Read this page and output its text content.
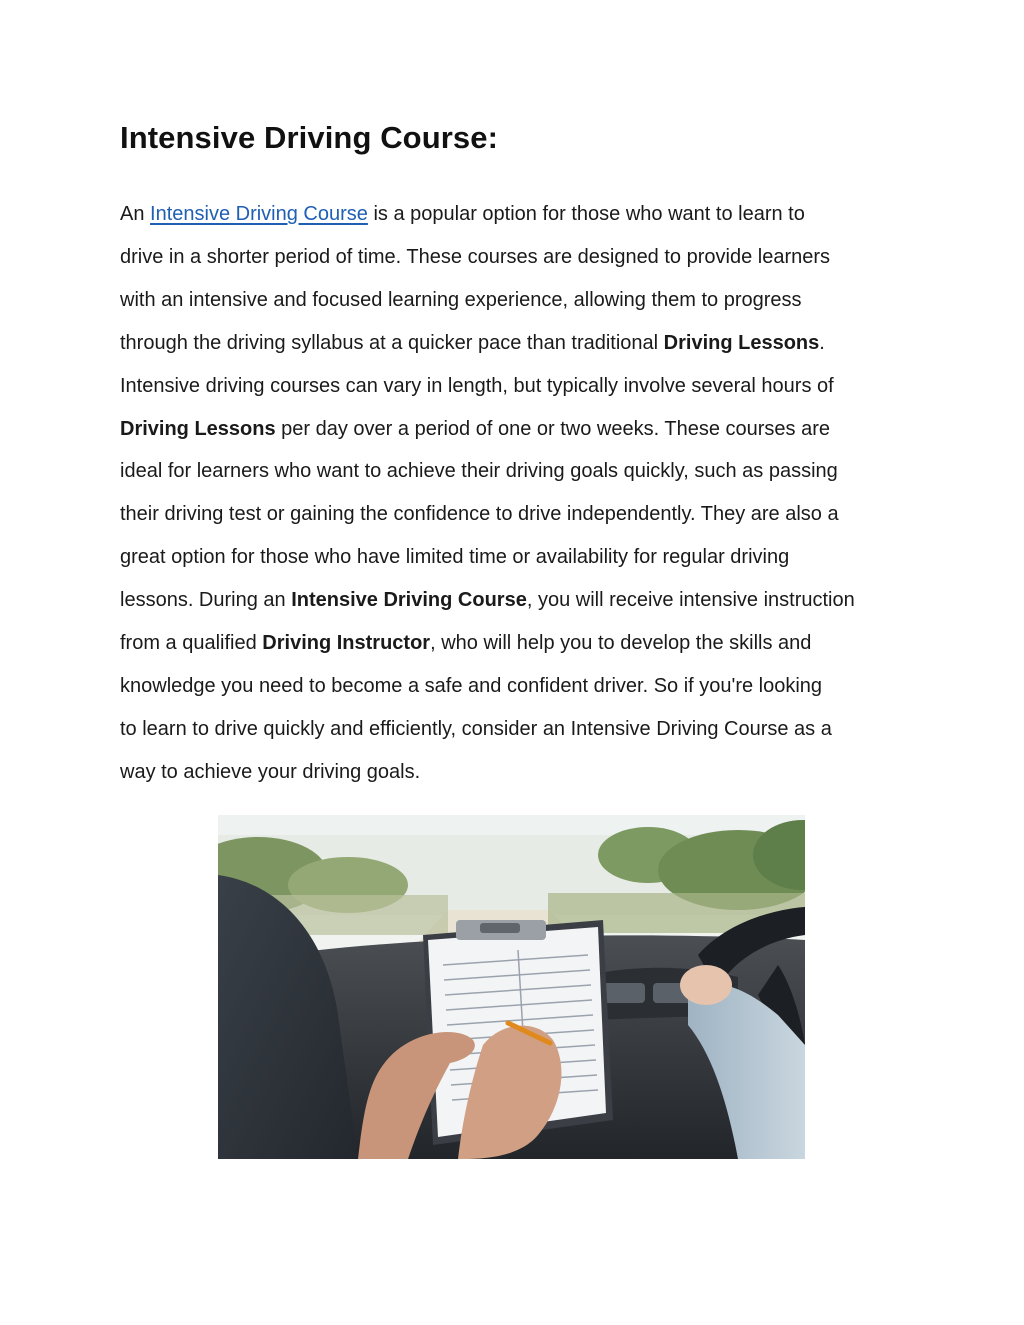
Intensive Driving Course:

An Intensive Driving Course is a popular option for those who want to learn to
drive in a shorter period of time. These courses are designed to provide learners
with an intensive and focused learning experience, allowing them to progress
through the driving syllabus at a quicker pace than traditional Driving Lessons.
Intensive driving courses can vary in length, but typically involve several hours of
Driving Lessons per day over a period of one or two weeks. These courses are
ideal for learners who want to achieve their driving goals quickly, such as passing
their driving test or gaining the confidence to drive independently. They are also a
great option for those who have limited time or availability for regular driving
lessons. During an Intensive Driving Course, you will receive intensive instruction
from a qualified Driving Instructor, who will help you to develop the skills and
knowledge you need to become a safe and confident driver. So if you're looking
to learn to drive quickly and efficiently, consider an Intensive Driving Course as a
way to achieve your driving goals.
